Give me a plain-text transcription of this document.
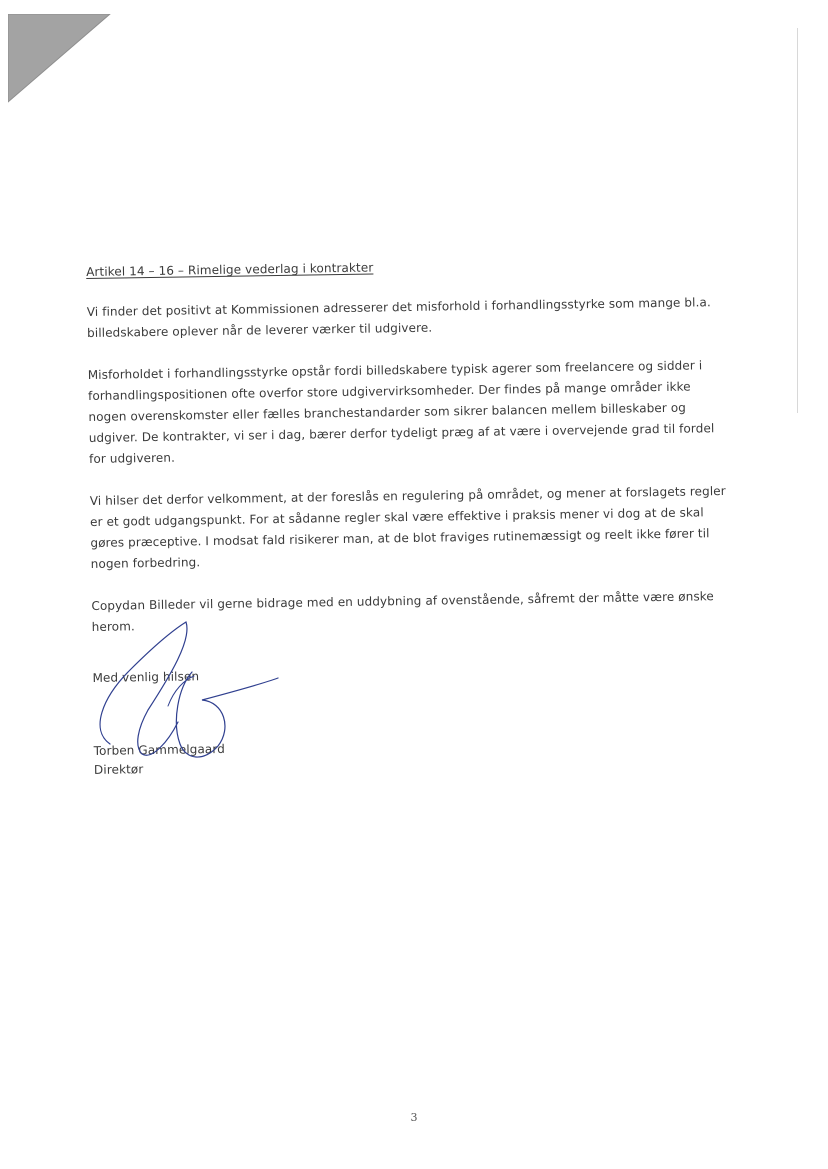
Artikel 14 – 16 – Rimelige vederlag i kontrakter

Vi finder det positivt at Kommissionen adresserer det misforhold i forhandlingsstyrke som mange bl.a. billedskabere oplever når de leverer værker til udgivere.

Misforholdet i forhandlingsstyrke opstår fordi billedskabere typisk agerer som freelancere og sidder i forhandlingspositionen ofte overfor store udgivervirksomheder. Der findes på mange områder ikke nogen overenskomster eller fælles branchestandarder som sikrer balancen mellem billeskaber og udgiver. De kontrakter, vi ser i dag, bærer derfor tydeligt præg af at være i overvejende grad til fordel for udgiveren.

Vi hilser det derfor velkomment, at der foreslås en regulering på området, og mener at forslagets regler er et godt udgangspunkt. For at sådanne regler skal være effektive i praksis mener vi dog at de skal gøres præceptive. I modsat fald risikerer man, at de blot fraviges rutinemæssigt og reelt ikke fører til nogen forbedring.

Copydan Billeder vil gerne bidrage med en uddybning af ovenstående, såfremt der måtte være ønske herom.

Med venlig hilsen

Torben Gammelgaard
Direktør
3
